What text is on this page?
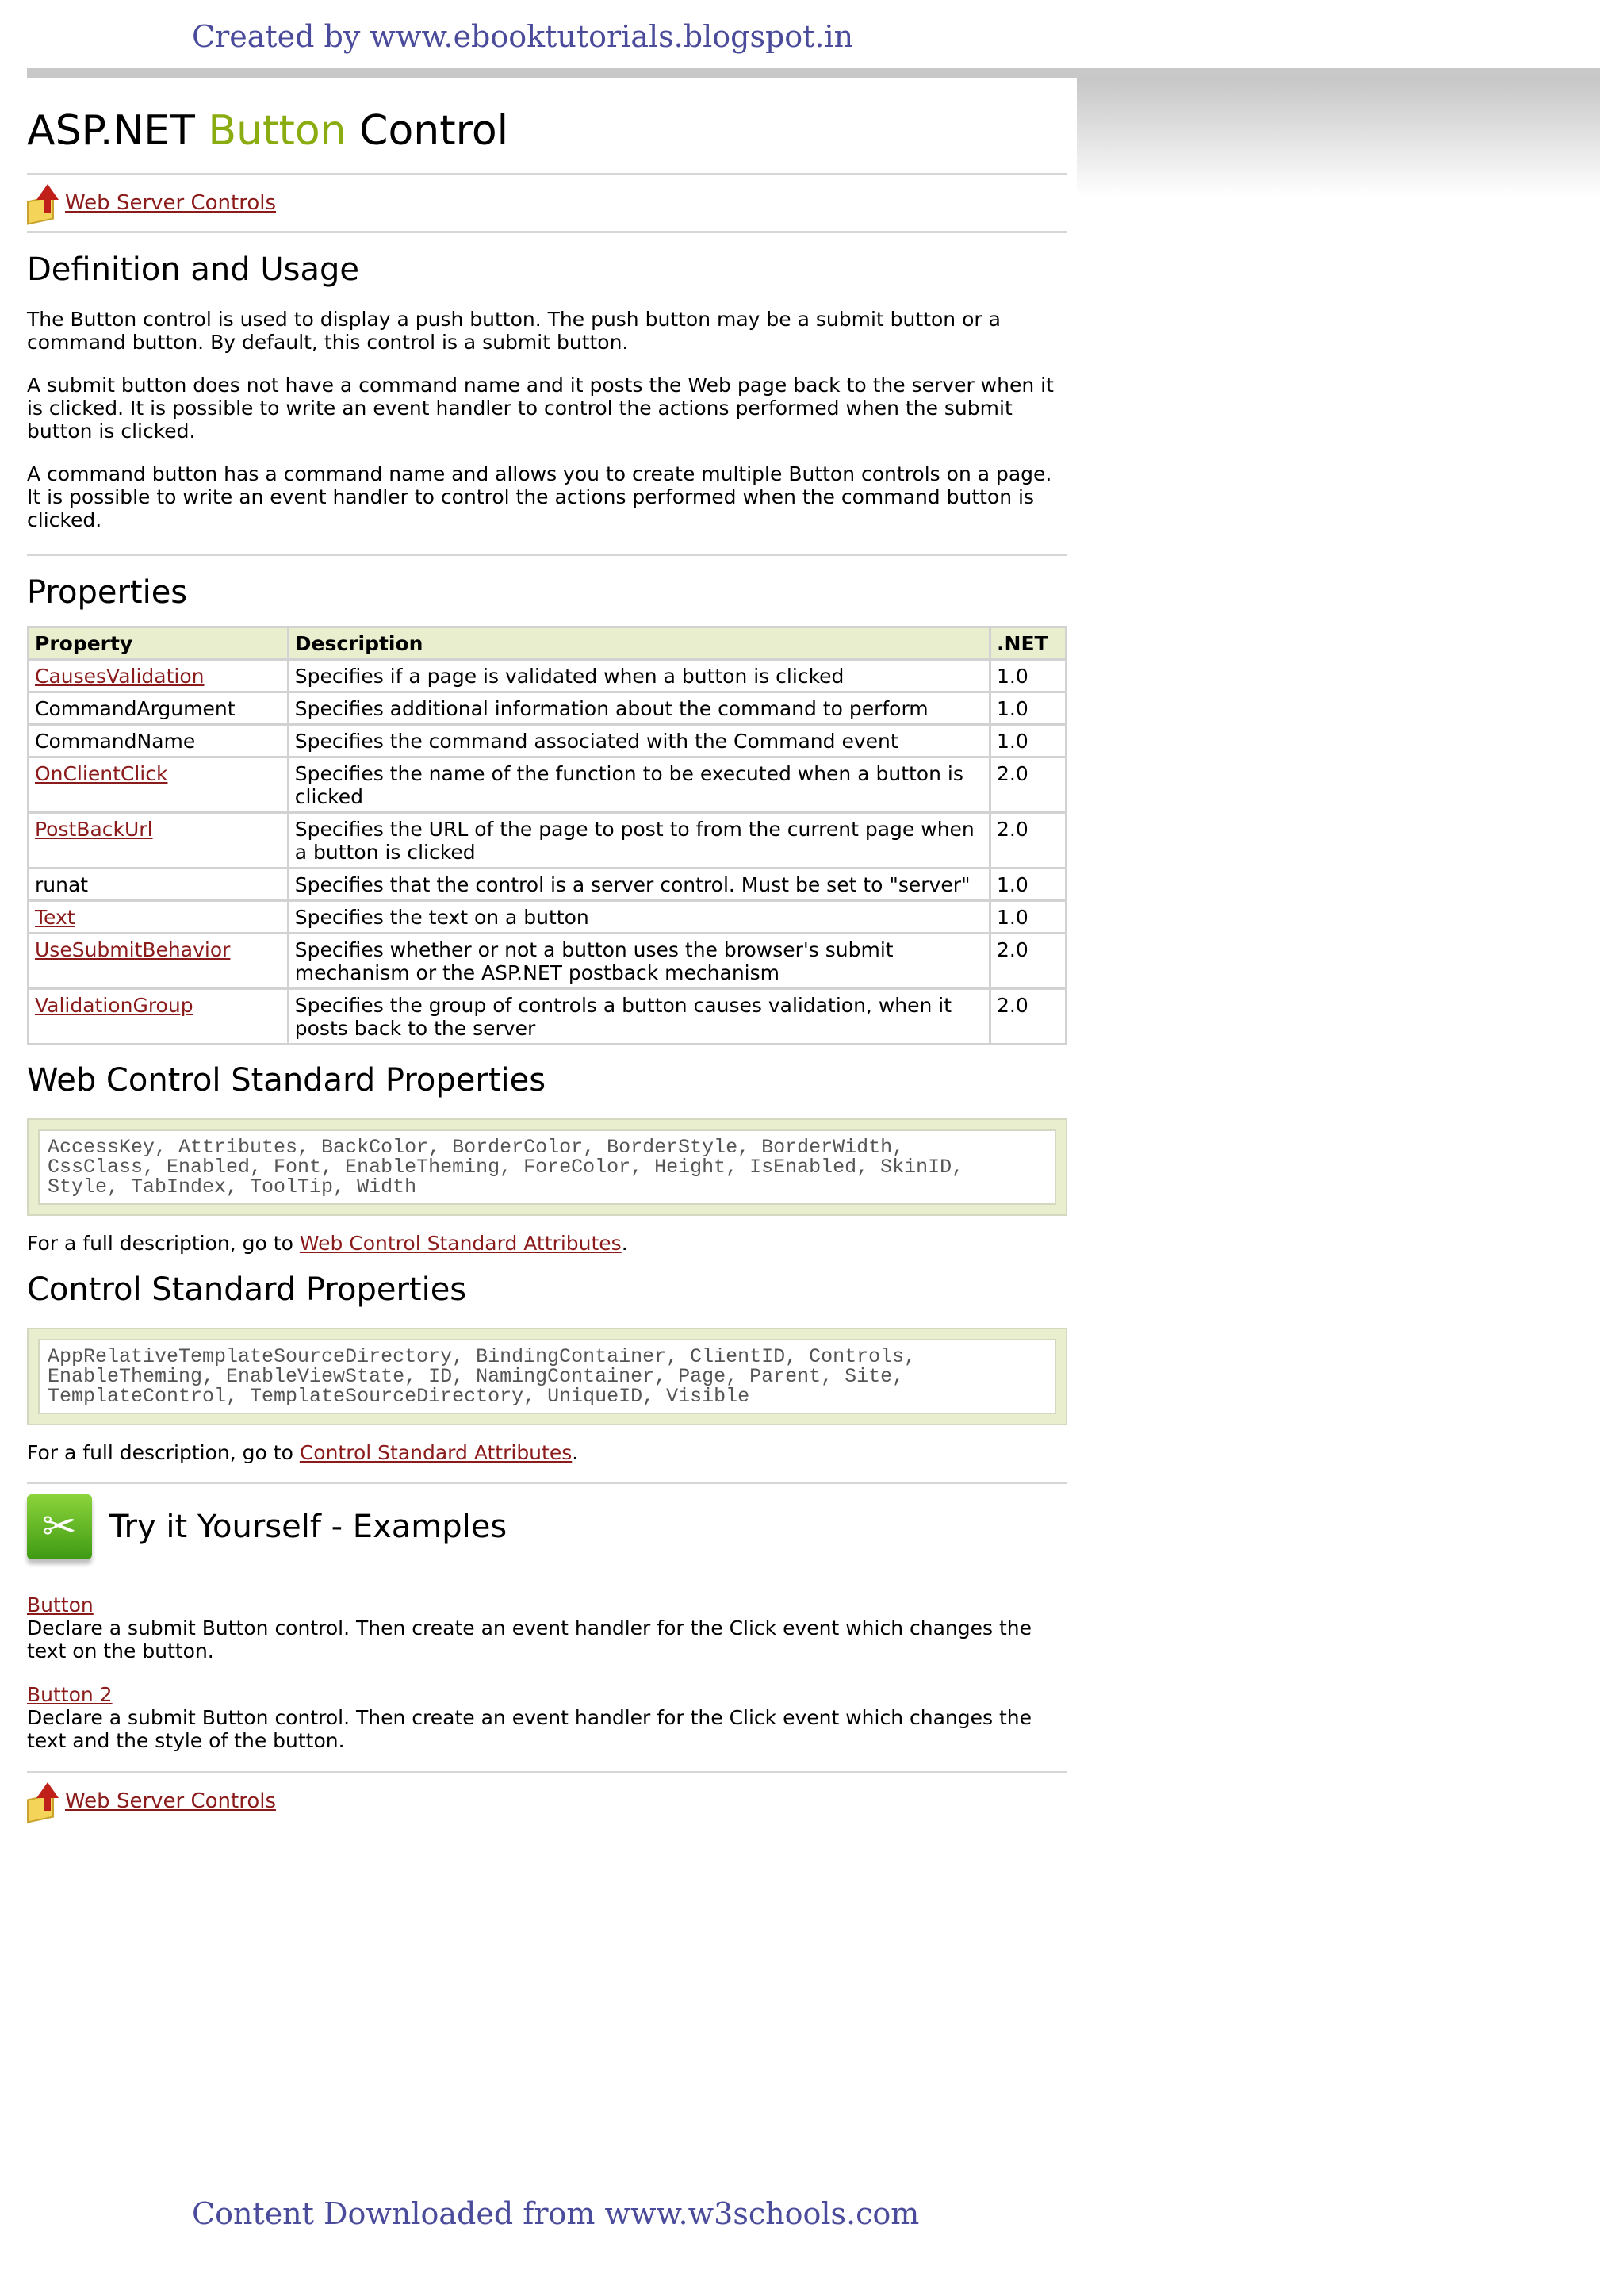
Created by www.ebooktutorials.blogspot.in
ASP.NET Button Control
Web Server Controls
Definition and Usage

The Button control is used to display a push button. The push button may be a submit button or a command button. By default, this control is a submit button.

A submit button does not have a command name and it posts the Web page back to the server when it is clicked. It is possible to write an event handler to control the actions performed when the submit button is clicked.

A command button has a command name and allows you to create multiple Button controls on a page. It is possible to write an event handler to control the actions performed when the command button is clicked.

Properties
Property	Description	.NET
CausesValidation	Specifies if a page is validated when a button is clicked	1.0
CommandArgument	Specifies additional information about the command to perform	1.0
CommandName	Specifies the command associated with the Command event	1.0
OnClientClick	Specifies the name of the function to be executed when a button is clicked	2.0
PostBackUrl	Specifies the URL of the page to post to from the current page when a button is clicked	2.0
runat	Specifies that the control is a server control. Must be set to "server"	1.0
Text	Specifies the text on a button	1.0
UseSubmitBehavior	Specifies whether or not a button uses the browser's submit mechanism or the ASP.NET postback mechanism	2.0
ValidationGroup	Specifies the group of controls a button causes validation, when it posts back to the server	2.0
Web Control Standard Properties
AccessKey, Attributes, BackColor, BorderColor, BorderStyle, BorderWidth,
CssClass, Enabled, Font, EnableTheming, ForeColor, Height, IsEnabled, SkinID,
Style, TabIndex, ToolTip, Width

For a full description, go to Web Control Standard Attributes.

Control Standard Properties
AppRelativeTemplateSourceDirectory, BindingContainer, ClientID, Controls,
EnableTheming, EnableViewState, ID, NamingContainer, Page, Parent, Site,
TemplateControl, TemplateSourceDirectory, UniqueID, Visible

For a full description, go to Control Standard Attributes.

✂	Try it Yourself - Examples
Button

Declare a submit Button control. Then create an event handler for the Click event which changes the text on the button.

Button 2

Declare a submit Button control. Then create an event handler for the Click event which changes the text and the style of the button.

Web Server Controls
Content Downloaded from www.w3schools.com
